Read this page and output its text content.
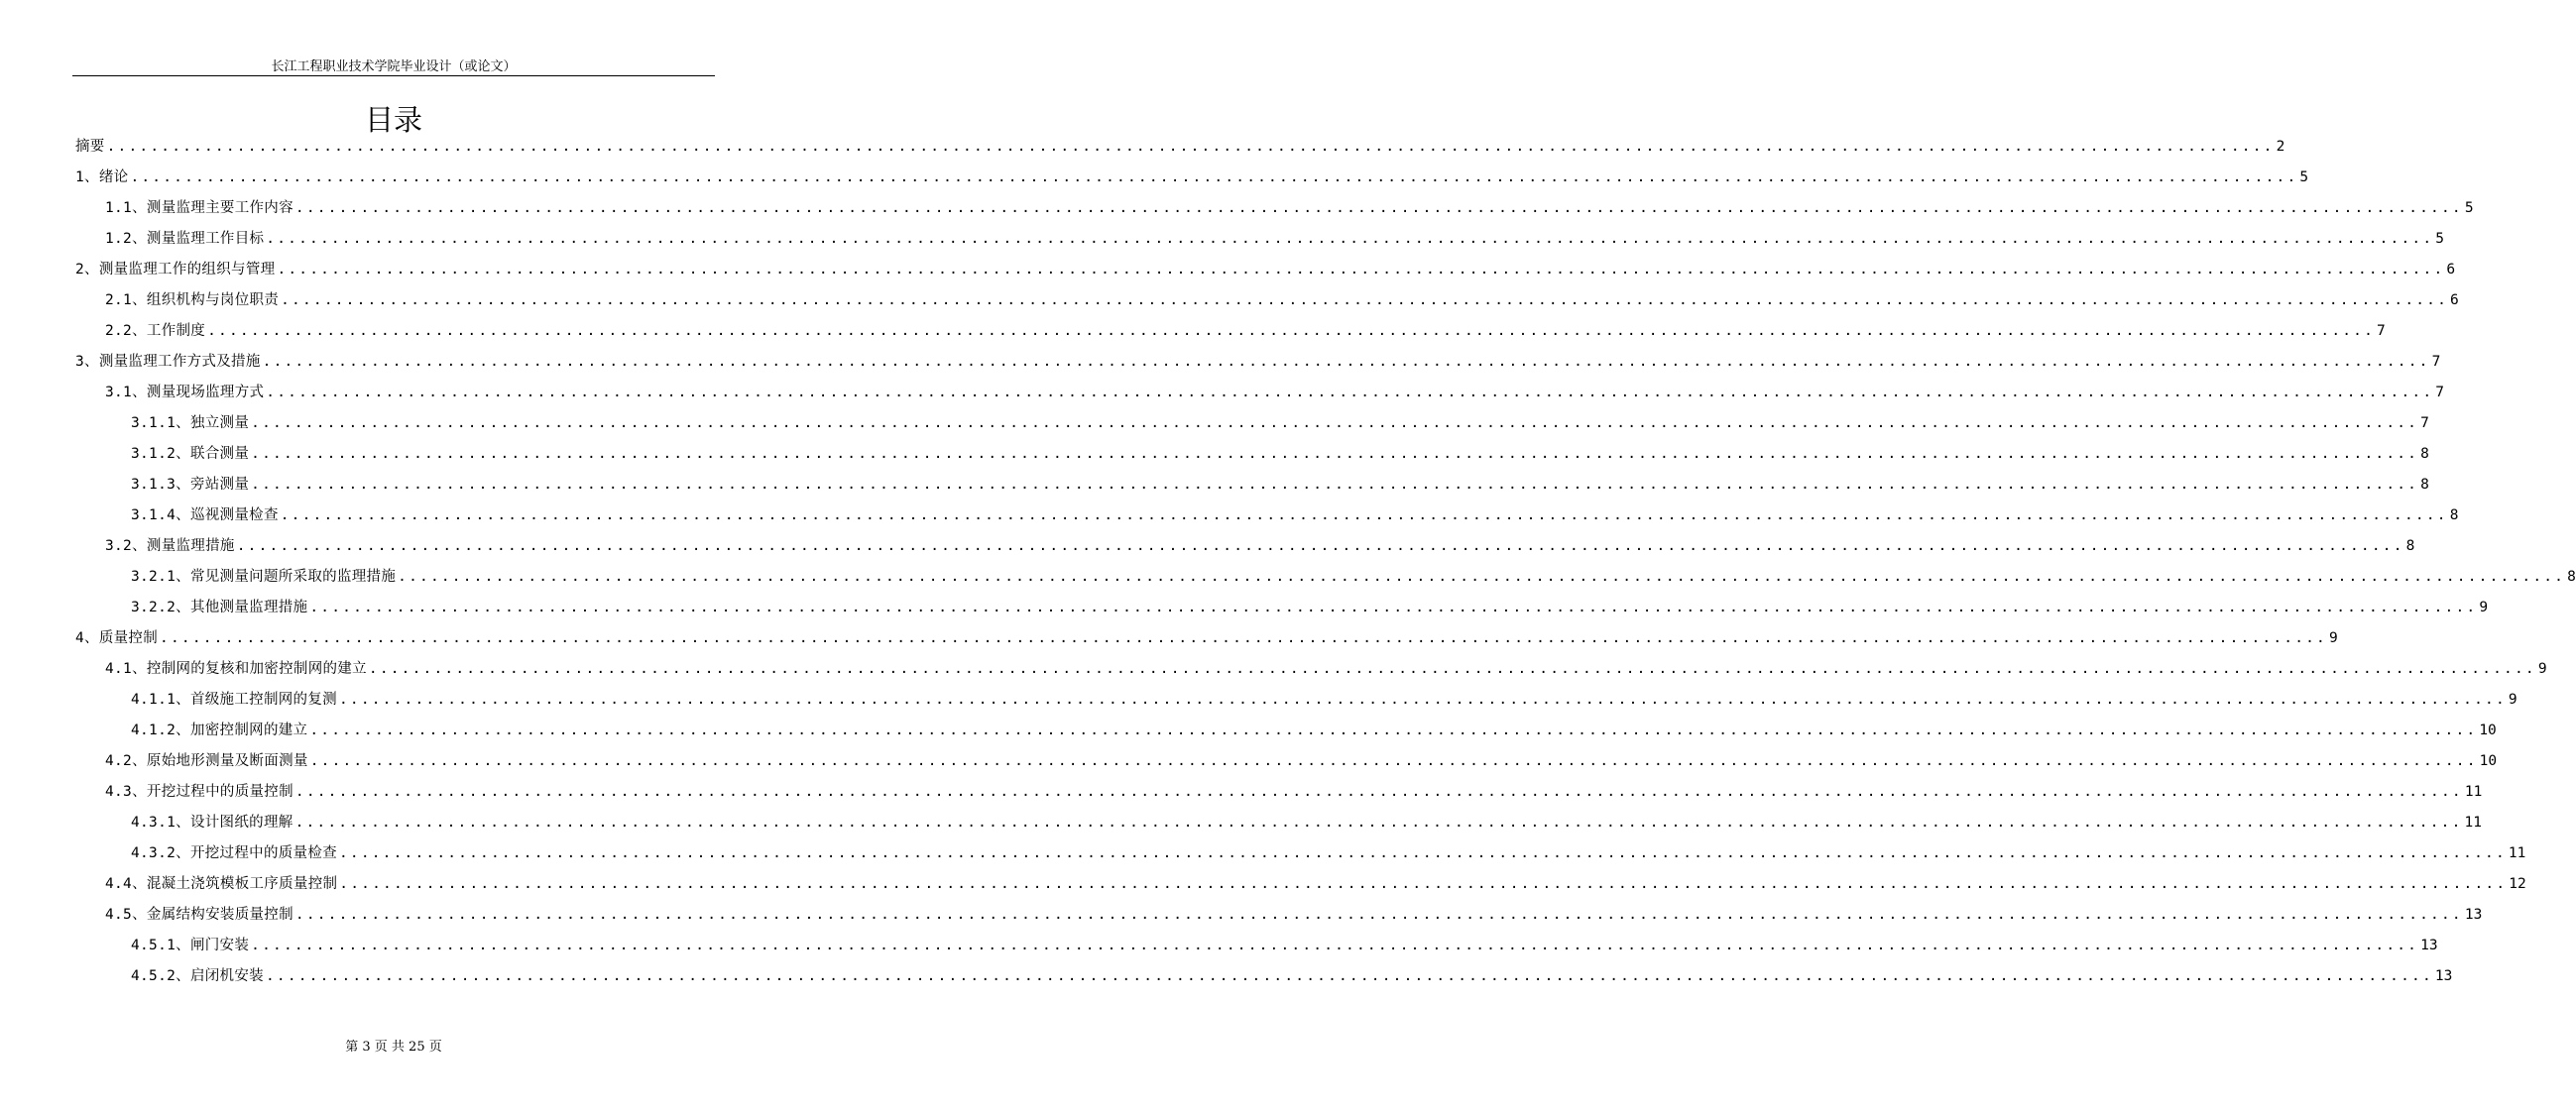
长江工程职业技术学院毕业设计（或论文）
目录
摘要 ........................................................................................................................................................................................................ 2
1、绪论 ........................................................................................................................................................................................................ 5
1.1、测量监理主要工作内容 ........................................................................................................................................................................................................ 5
1.2、测量监理工作目标 ........................................................................................................................................................................................................ 5
2、测量监理工作的组织与管理 ........................................................................................................................................................................................................ 6
2.1、组织机构与岗位职责 ........................................................................................................................................................................................................ 6
2.2、工作制度 ........................................................................................................................................................................................................ 7
3、测量监理工作方式及措施 ........................................................................................................................................................................................................ 7
3.1、测量现场监理方式 ........................................................................................................................................................................................................ 7
3.1.1、独立测量 ........................................................................................................................................................................................................ 7
3.1.2、联合测量 ........................................................................................................................................................................................................ 8
3.1.3、旁站测量 ........................................................................................................................................................................................................ 8
3.1.4、巡视测量检查 ........................................................................................................................................................................................................ 8
3.2、测量监理措施 ........................................................................................................................................................................................................ 8
3.2.1、常见测量问题所采取的监理措施 ........................................................................................................................................................................................................ 8
3.2.2、其他测量监理措施 ........................................................................................................................................................................................................ 9
4、质量控制 ........................................................................................................................................................................................................ 9
4.1、控制网的复核和加密控制网的建立 ........................................................................................................................................................................................................ 9
4.1.1、首级施工控制网的复测 ........................................................................................................................................................................................................ 9
4.1.2、加密控制网的建立 ........................................................................................................................................................................................................ 10
4.2、原始地形测量及断面测量 ........................................................................................................................................................................................................ 10
4.3、开挖过程中的质量控制 ........................................................................................................................................................................................................ 11
4.3.1、设计图纸的理解 ........................................................................................................................................................................................................ 11
4.3.2、开挖过程中的质量检查 ........................................................................................................................................................................................................ 11
4.4、混凝土浇筑模板工序质量控制 ........................................................................................................................................................................................................ 12
4.5、金属结构安装质量控制 ........................................................................................................................................................................................................ 13
4.5.1、闸门安装 ........................................................................................................................................................................................................ 13
4.5.2、启闭机安装 ........................................................................................................................................................................................................ 13
第 3 页 共 25 页
